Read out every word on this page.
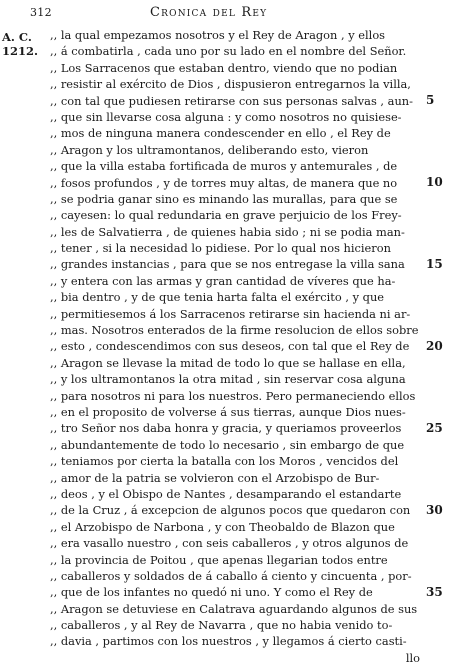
312	Cronica del Rey
A. C.
1212.
,, la qual empezamos nosotros y el Rey de Aragon , y ellos
,, á combatirla , cada uno por su lado en el nombre del Señor.
,, Los Sarracenos que estaban dentro, viendo que no podian
,, resistir al exército de Dios , dispusieron entregarnos la villa,
,, con tal que pudiesen retirarse con sus personas salvas , aun-
,, que sin llevarse cosa alguna : y como nosotros no quisiese-
,, mos de ninguna manera condescender en ello , el Rey de
,, Aragon y los ultramontanos, deliberando esto, vieron
,, que la villa estaba fortificada de muros y antemurales , de
,, fosos profundos , y de torres muy altas, de manera que no
,, se podria ganar sino es minando las murallas, para que se
,, cayesen: lo qual redundaria en grave perjuicio de los Frey-
,, les de Salvatierra , de quienes habia sido ; ni se podia man-
,, tener , si la necesidad lo pidiese. Por lo qual nos hicieron
,, grandes instancias , para que se nos entregase la villa sana
,, y entera con las armas y gran cantidad de víveres que ha-
,, bia dentro , y de que tenia harta falta el exército , y que
,, permitiesemos á los Sarracenos retirarse sin hacienda ni ar-
,, mas. Nosotros enterados de la firme resolucion de ellos sobre
,, esto , condescendimos con sus deseos, con tal que el Rey de
,, Aragon se llevase la mitad de todo lo que se hallase en ella,
,, y los ultramontanos la otra mitad , sin reservar cosa alguna
,, para nosotros ni para los nuestros. Pero permaneciendo ellos
,, en el proposito de volverse á sus tierras, aunque Dios nues-
,, tro Señor nos daba honra y gracia, y queriamos proveerlos
,, abundantemente de todo lo necesario , sin embargo de que
,, teniamos por cierta la batalla con los Moros , vencidos del
,, amor de la patria se volvieron con el Arzobispo de Bur-
,, deos , y el Obispo de Nantes , desamparando el estandarte
,, de la Cruz , á excepcion de algunos pocos que quedaron con
,, el Arzobispo de Narbona , y con Theobaldo de Blazon que
,, era vasallo nuestro , con seis caballeros , y otros algunos de
,, la provincia de Poitou , que apenas llegarian todos entre
,, caballeros y soldados de á caballo á ciento y cincuenta , por-
,, que de los infantes no quedó ni uno. Y como el Rey de
,, Aragon se detuviese en Calatrava aguardando algunos de sus
,, caballeros , y al Rey de Navarra , que no habia venido to-
,, davia , partimos con los nuestros , y llegamos á cierto casti-
llo
5
10
15
20
25
30
35
